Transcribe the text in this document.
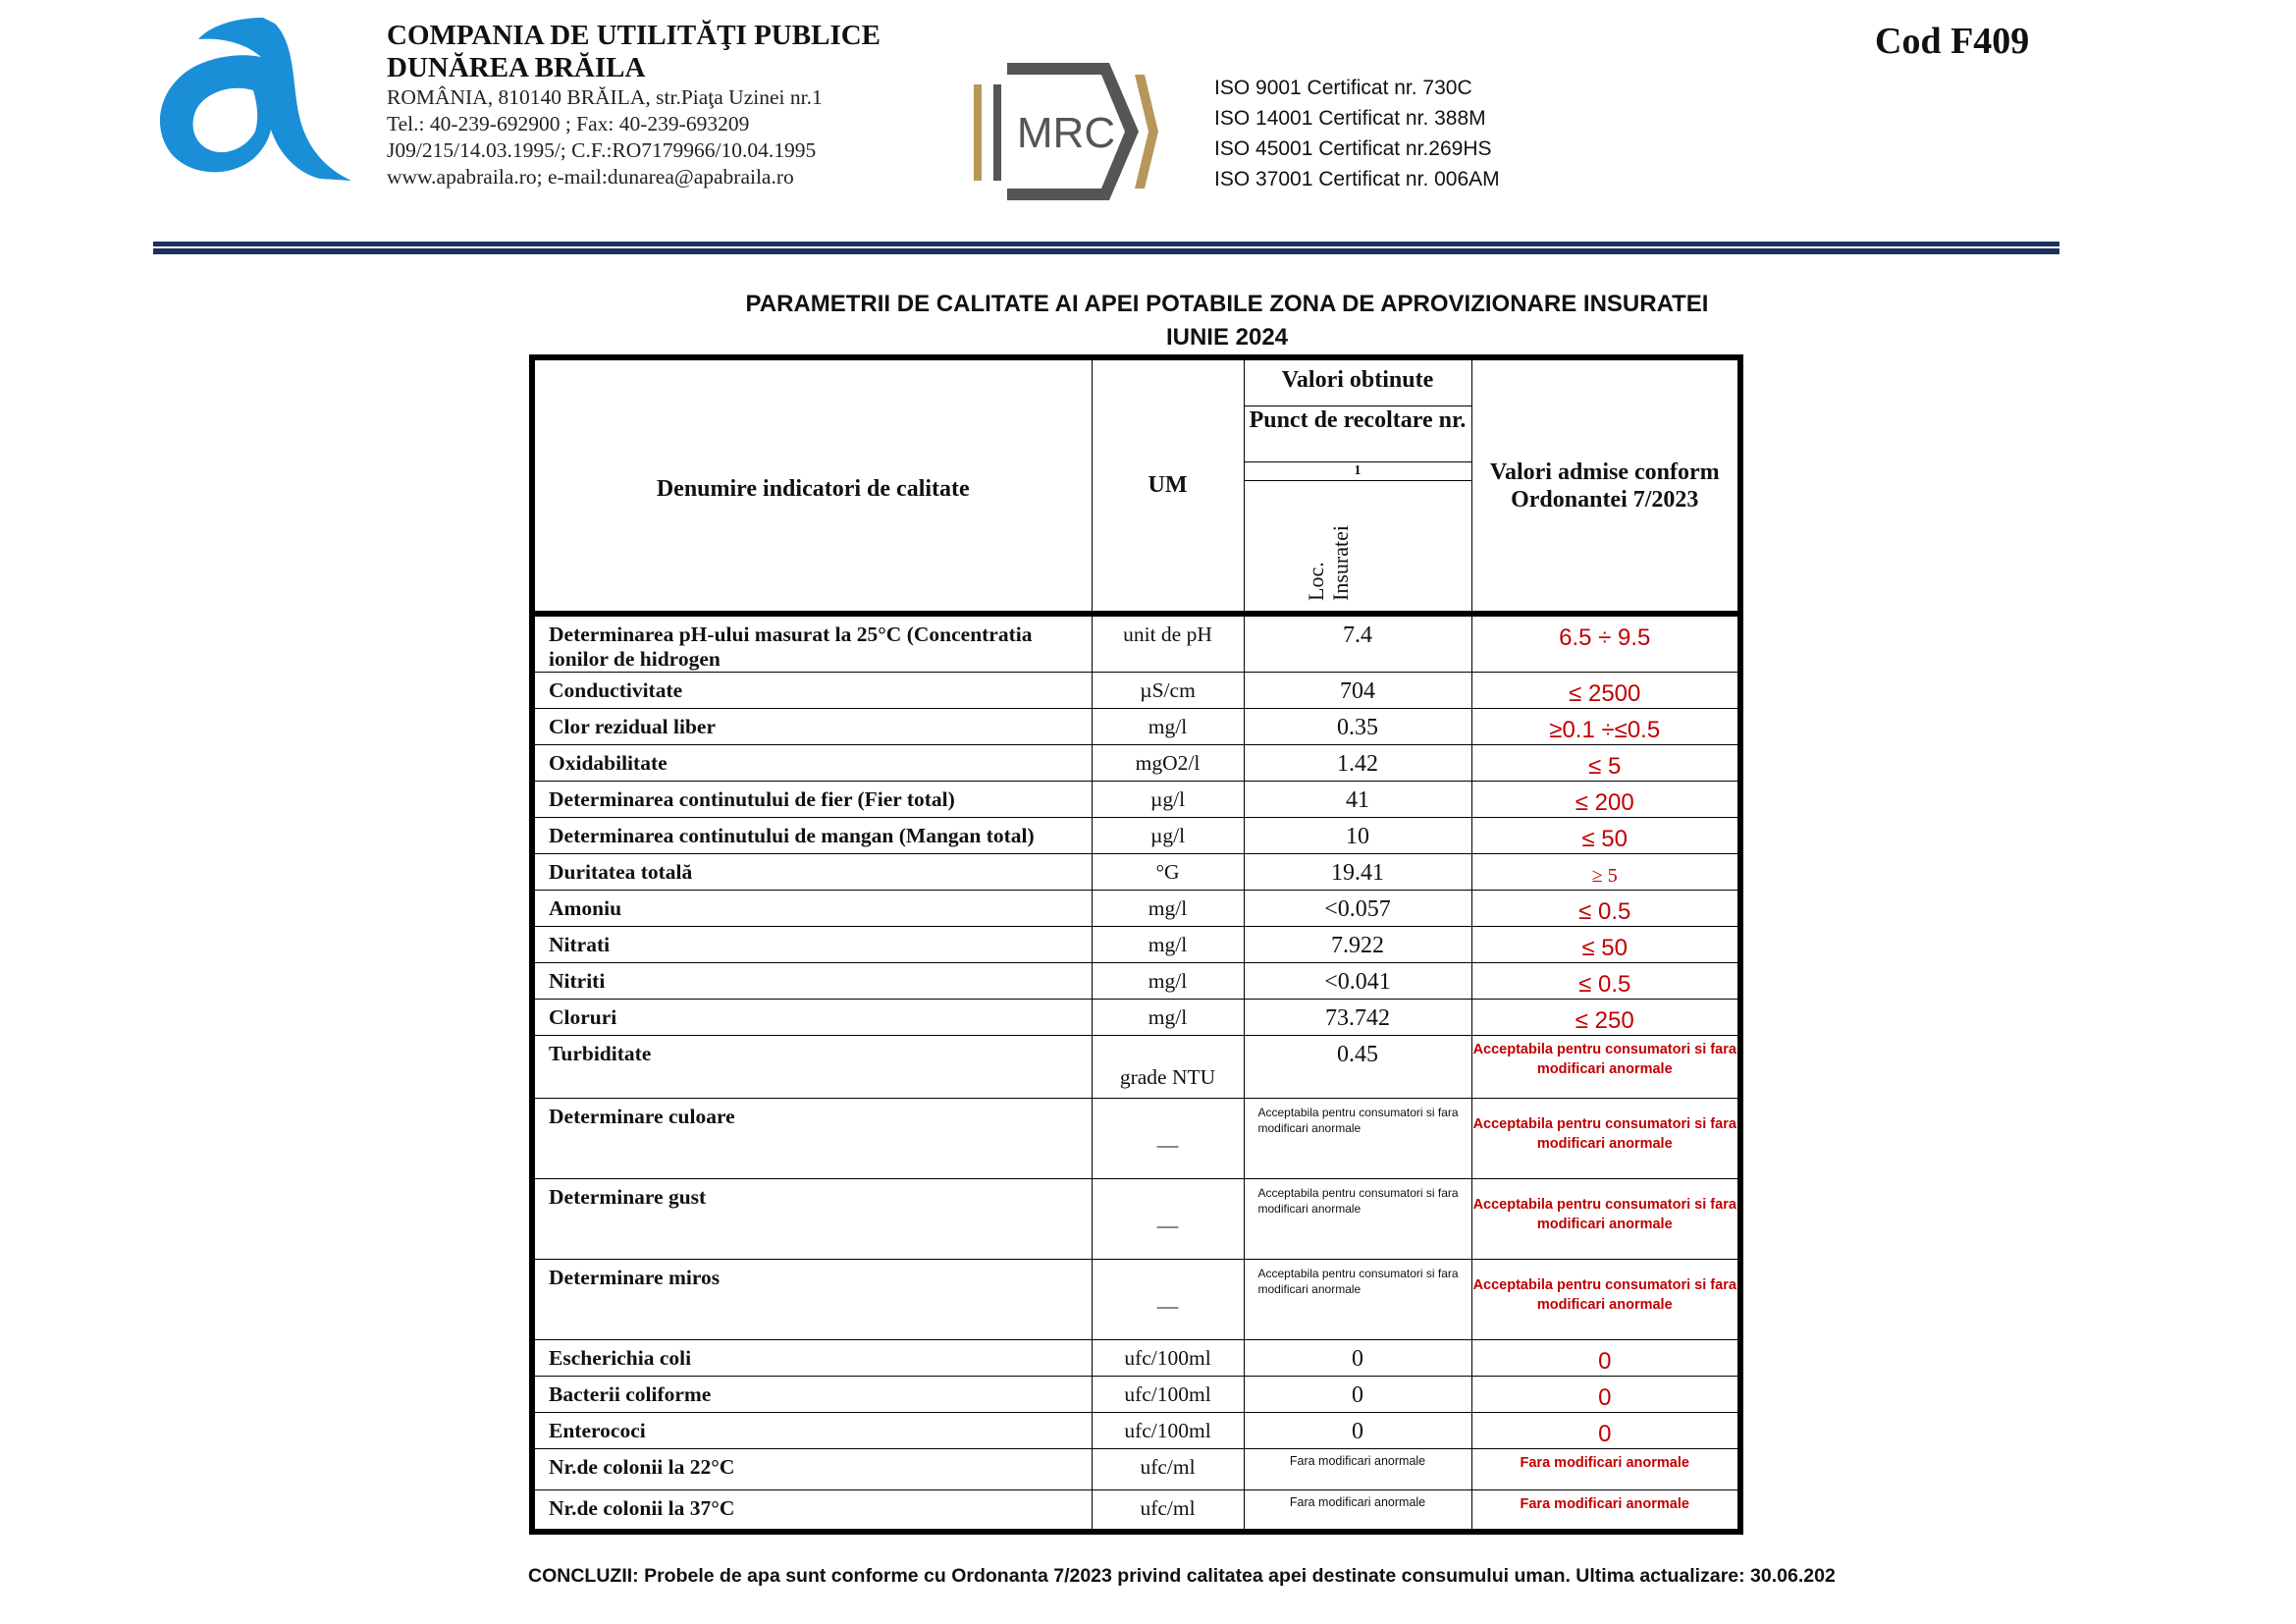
COMPANIA DE UTILITĂŢI PUBLICE
DUNĂREA BRĂILA
ROMÂNIA, 810140 BRĂILA, str.Piaţa Uzinei nr.1
Tel.: 40-239-692900 ; Fax: 40-239-693209
J09/215/14.03.1995/; C.F.:RO7179966/10.04.1995
www.apabraila.ro; e-mail:dunarea@apabraila.ro
MRC
ISO 9001 Certificat nr. 730C
ISO 14001 Certificat nr. 388M
ISO 45001 Certificat nr.269HS
ISO 37001 Certificat nr. 006AM
Cod F409
PARAMETRII DE CALITATE AI APEI POTABILE ZONA DE APROVIZIONARE INSURATEI
IUNIE 2024
Denumire indicatori de calitate	UM	Valori obtinute	Valori admise conform Ordonantei 7/2023
		Punct de recoltare nr.	
		1	

		Loc. Insuratei	

Determinarea pH-ului masurat la 25°C (Concentratia ionilor de hidrogen	unit de pH	7.4	6.5 ÷ 9.5
Conductivitate	µS/cm	704	≤ 2500
Clor rezidual liber	mg/l	0.35	≥0.1 ÷≤0.5
Oxidabilitate	mgO2/l	1.42	≤ 5
Determinarea continutului de fier (Fier total)	µg/l	41	≤ 200
Determinarea continutului de mangan (Mangan total)	µg/l	10	≤ 50
Duritatea totală	°G	19.41	≥ 5
Amoniu	mg/l	<0.057	≤ 0.5
Nitrati	mg/l	7.922	≤ 50
Nitriti	mg/l	<0.041	≤ 0.5
Cloruri	mg/l	73.742	≤ 250
Turbiditate	grade NTU	0.45	Acceptabila pentru consumatori si fara modificari anormale
Determinare culoare	—	Acceptabila pentru consumatori si fara modificari anormale	Acceptabila pentru consumatori si fara modificari anormale
Determinare gust	—	Acceptabila pentru consumatori si fara modificari anormale	Acceptabila pentru consumatori si fara modificari anormale
Determinare miros	—	Acceptabila pentru consumatori si fara modificari anormale	Acceptabila pentru consumatori si fara modificari anormale
Escherichia coli	ufc/100ml	0	0
Bacterii coliforme	ufc/100ml	0	0
Enterococi	ufc/100ml	0	0
Nr.de colonii la 22°C	ufc/ml	Fara modificari anormale	Fara modificari anormale
Nr.de colonii la 37°C	ufc/ml	Fara modificari anormale	Fara modificari anormale
CONCLUZII: Probele de apa sunt conforme cu Ordonanta 7/2023 privind calitatea apei destinate consumului uman. Ultima actualizare: 30.06.202
